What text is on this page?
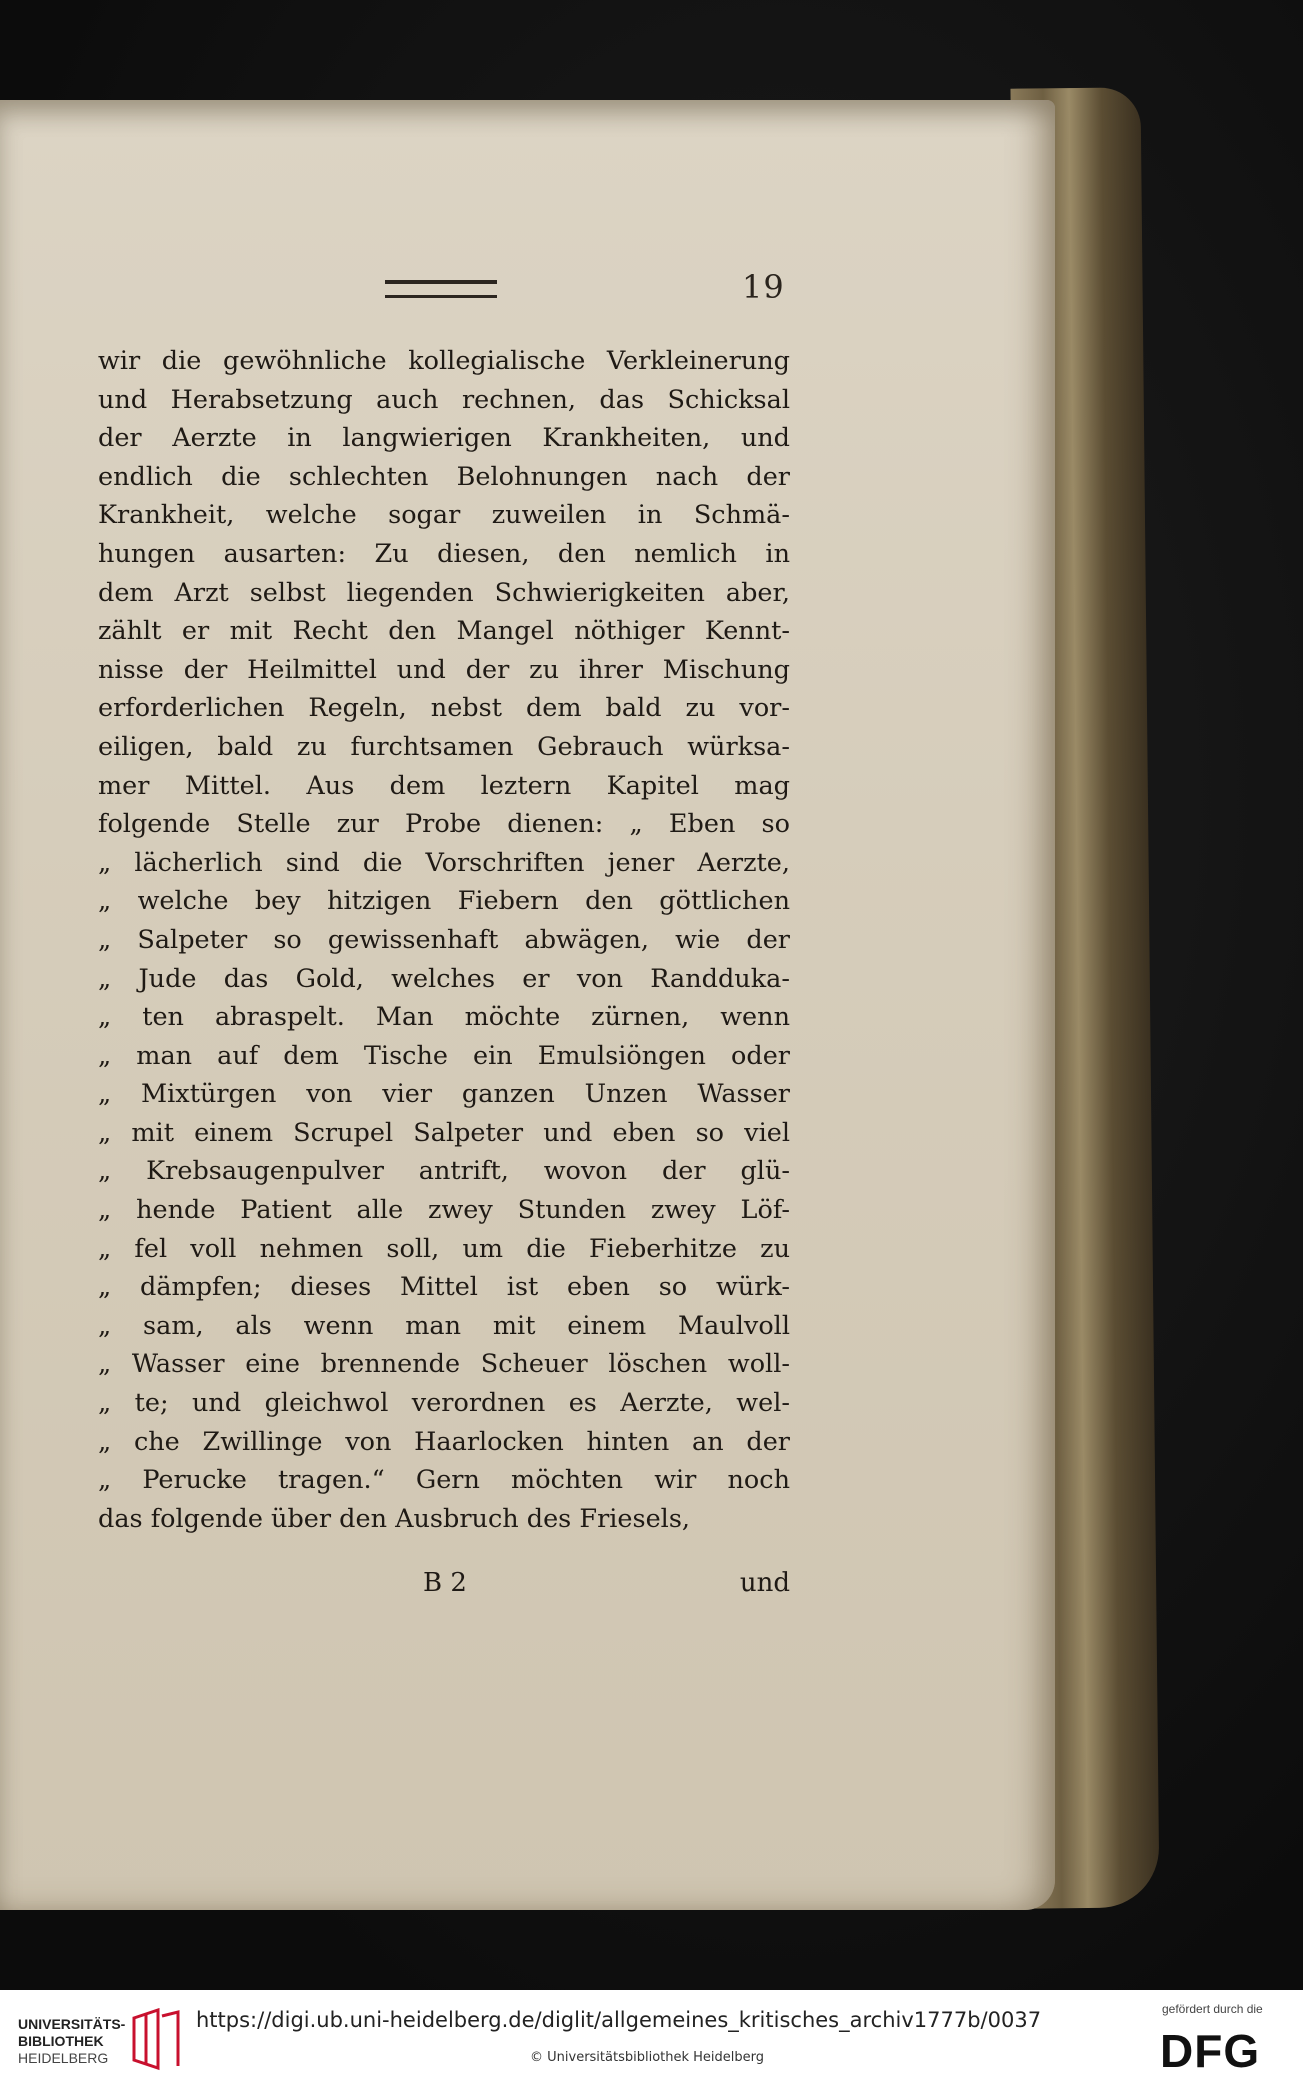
19
wir die gewöhnliche kollegialische Verkleinerung
und Herabsetzung auch rechnen, das Schicksal
der Aerzte in langwierigen Krankheiten, und
endlich die schlechten Belohnungen nach der
Krankheit, welche sogar zuweilen in Schmä-
hungen ausarten: Zu diesen, den nemlich in
dem Arzt selbst liegenden Schwierigkeiten aber,
zählt er mit Recht den Mangel nöthiger Kennt-
nisse der Heilmittel und der zu ihrer Mischung
erforderlichen Regeln, nebst dem bald zu vor-
eiligen, bald zu furchtsamen Gebrauch würksa-
mer Mittel. Aus dem leztern Kapitel mag
folgende Stelle zur Probe dienen: „ Eben so
„ lächerlich sind die Vorschriften jener Aerzte,
„ welche bey hitzigen Fiebern den göttlichen
„ Salpeter so gewissenhaft abwägen, wie der
„ Jude das Gold, welches er von Randduka-
„ ten abraspelt. Man möchte zürnen, wenn
„ man auf dem Tische ein Emulsiöngen oder
„ Mixtürgen von vier ganzen Unzen Wasser
„ mit einem Scrupel Salpeter und eben so viel
„ Krebsaugenpulver antrift, wovon der glü-
„ hende Patient alle zwey Stunden zwey Löf-
„ fel voll nehmen soll, um die Fieberhitze zu
„ dämpfen; dieses Mittel ist eben so würk-
„ sam, als wenn man mit einem Maulvoll
„ Wasser eine brennende Scheuer löschen woll-
„ te; und gleichwol verordnen es Aerzte, wel-
„ che Zwillinge von Haarlocken hinten an der
„ Perucke tragen.“ Gern möchten wir noch
das folgende über den Ausbruch des Friesels,
B 2	und
UNIVERSITÄTS-
BIBLIOTHEK
HEIDELBERG
https://digi.ub.uni-heidelberg.de/diglit/allgemeines_kritisches_archiv1777b/0037
© Universitätsbibliothek Heidelberg
gefördert durch die
DFG
